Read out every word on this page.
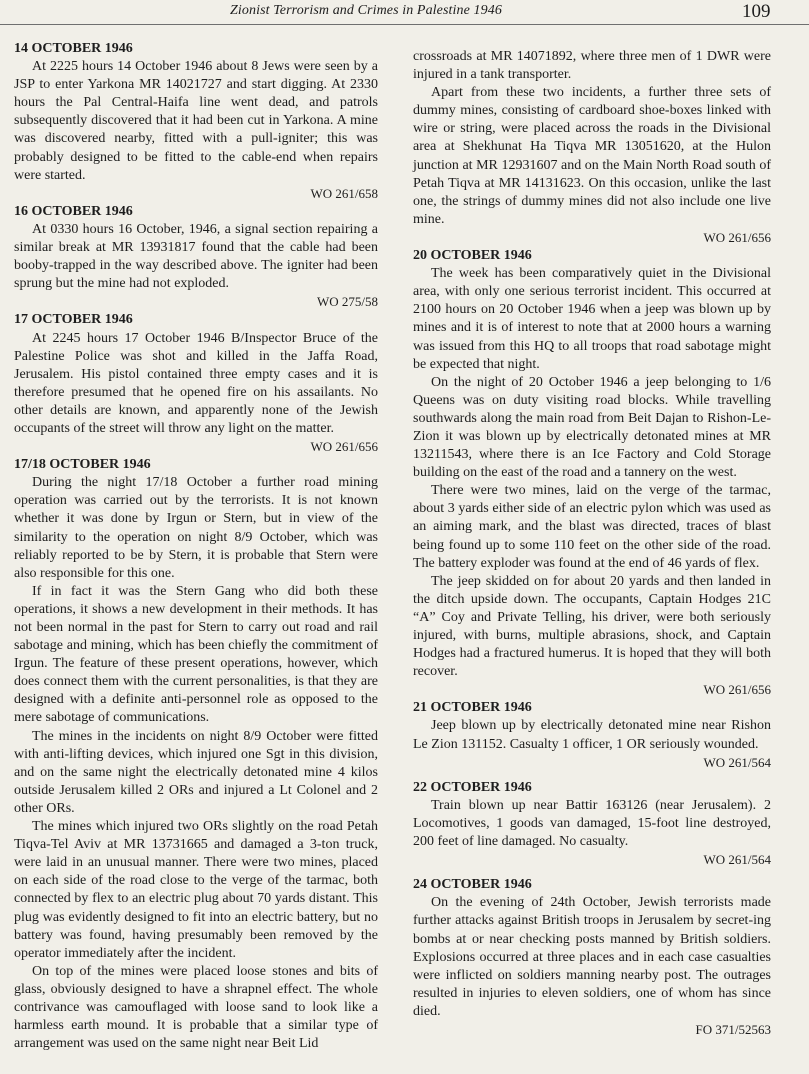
Zionist Terrorism and Crimes in Palestine 1946	109
14 OCTOBER 1946

At 2225 hours 14 October 1946 about 8 Jews were seen by a JSP to enter Yarkona MR 14021727 and start digging. At 2330 hours the Pal Central-Haifa line went dead, and patrols subsequently discovered that it had been cut in Yarkona. A mine was discovered nearby, fitted with a pull-igniter; this was probably designed to be fitted to the cable-end when repairs were started.

WO 261/658
16 OCTOBER 1946

At 0330 hours 16 October, 1946, a signal section repairing a similar break at MR 13931817 found that the cable had been booby-trapped in the way described above. The igniter had been sprung but the mine had not exploded.

WO 275/58
17 OCTOBER 1946

At 2245 hours 17 October 1946 B/Inspector Bruce of the Palestine Police was shot and killed in the Jaffa Road, Jerusalem. His pistol contained three empty cases and it is therefore presumed that he opened fire on his assailants. No other details are known, and apparently none of the Jewish occupants of the street will throw any light on the matter.

WO 261/656
17/18 OCTOBER 1946

During the night 17/18 October a further road mining operation was carried out by the terrorists. It is not known whether it was done by Irgun or Stern, but in view of the similarity to the operation on night 8/9 October, which was reliably reported to be by Stern, it is probable that Stern were also responsible for this one.

If in fact it was the Stern Gang who did both these operations, it shows a new development in their methods. It has not been normal in the past for Stern to carry out road and rail sabotage and mining, which has been chiefly the commitment of Irgun. The feature of these present operations, however, which does connect them with the current personalities, is that they are designed with a definite anti-personnel role as opposed to the mere sabotage of communications.

The mines in the incidents on night 8/9 October were fitted with anti-lifting devices, which injured one Sgt in this division, and on the same night the electrically detonated mine 4 kilos outside Jerusalem killed 2 ORs and injured a Lt Colonel and 2 other ORs.

The mines which injured two ORs slightly on the road Petah Tiqva-Tel Aviv at MR 13731665 and damaged a 3-ton truck, were laid in an unusual manner. There were two mines, placed on each side of the road close to the verge of the tarmac, both connected by flex to an electric plug about 70 yards distant. This plug was evidently designed to fit into an electric battery, but no battery was found, having presumably been removed by the operator immediately after the incident.

On top of the mines were placed loose stones and bits of glass, obviously designed to have a shrapnel effect. The whole contrivance was camouflaged with loose sand to look like a harmless earth mound. It is probable that a similar type of arrangement was used on the same night near Beit Lid

crossroads at MR 14071892, where three men of 1 DWR were injured in a tank transporter.

Apart from these two incidents, a further three sets of dummy mines, consisting of cardboard shoe-boxes linked with wire or string, were placed across the roads in the Divisional area at Shekhunat Ha Tiqva MR 13051620, at the Hulon junction at MR 12931607 and on the Main North Road south of Petah Tiqva at MR 14131623. On this occasion, unlike the last one, the strings of dummy mines did not also include one live mine.

WO 261/656
20 OCTOBER 1946

The week has been comparatively quiet in the Divisional area, with only one serious terrorist incident. This occurred at 2100 hours on 20 October 1946 when a jeep was blown up by mines and it is of interest to note that at 2000 hours a warning was issued from this HQ to all troops that road sabotage might be expected that night.

On the night of 20 October 1946 a jeep belonging to 1/6 Queens was on duty visiting road blocks. While travelling southwards along the main road from Beit Dajan to Rishon-Le-Zion it was blown up by electrically detonated mines at MR 13211543, where there is an Ice Factory and Cold Storage building on the east of the road and a tannery on the west.

There were two mines, laid on the verge of the tarmac, about 3 yards either side of an electric pylon which was used as an aiming mark, and the blast was directed, traces of blast being found up to some 110 feet on the other side of the road. The battery exploder was found at the end of 46 yards of flex.

The jeep skidded on for about 20 yards and then landed in the ditch upside down. The occupants, Captain Hodges 21C “A” Coy and Private Telling, his driver, were both seriously injured, with burns, multiple abrasions, shock, and Captain Hodges had a fractured humerus. It is hoped that they will both recover.

WO 261/656
21 OCTOBER 1946

Jeep blown up by electrically detonated mine near Rishon Le Zion 131152. Casualty 1 officer, 1 OR seriously wounded.

WO 261/564
22 OCTOBER 1946

Train blown up near Battir 163126 (near Jerusalem). 2 Locomotives, 1 goods van damaged, 15-foot line destroyed, 200 feet of line damaged. No casualty.

WO 261/564
24 OCTOBER 1946

On the evening of 24th October, Jewish terrorists made further attacks against British troops in Jerusalem by secret-ing bombs at or near checking posts manned by British soldiers. Explosions occurred at three places and in each case casualties were inflicted on soldiers manning nearby post. The outrages resulted in injuries to eleven soldiers, one of whom has since died.

FO 371/52563
